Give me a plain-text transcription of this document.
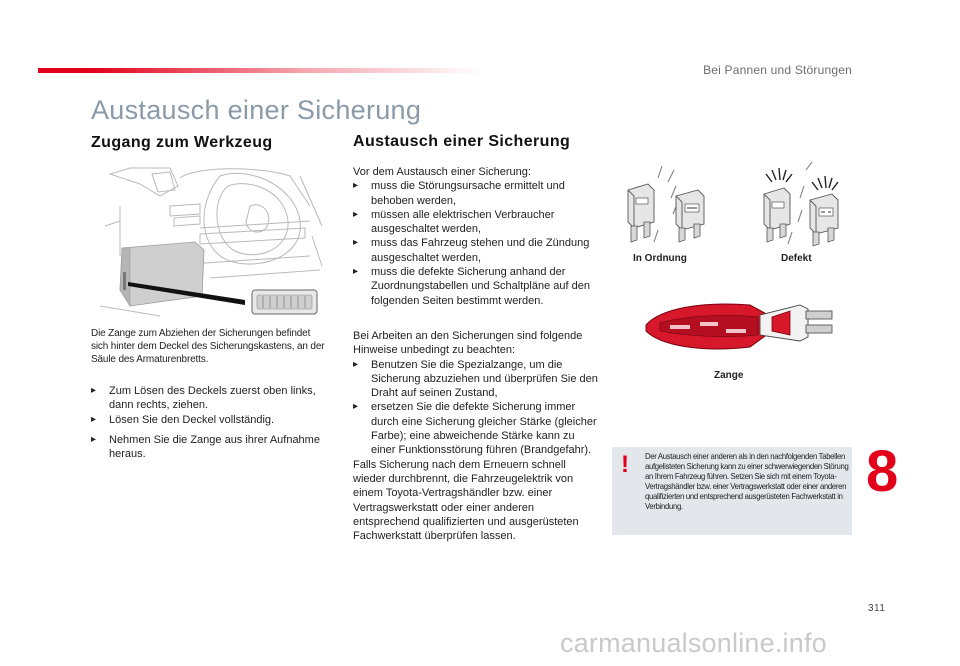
Bei Pannen und Störungen
Austausch einer Sicherung
Zugang zum Werkzeug	Austausch einer Sicherung

Die Zange zum Abziehen der Sicherungen befindet sich hinter dem Deckel des Sicherungskastens, an der Säule des Armaturenbretts.

▸ Zum Lösen des Deckels zuerst oben links, dann rechts, ziehen.
▸ Lösen Sie den Deckel vollständig.
▸ Nehmen Sie die Zange aus ihrer Aufnahme heraus.

Vor dem Austausch einer Sicherung:

▸ muss die Störungsursache ermittelt und behoben werden,
▸ müssen alle elektrischen Verbraucher ausgeschaltet werden,
▸ muss das Fahrzeug stehen und die Zündung ausgeschaltet werden,
▸ muss die defekte Sicherung anhand der Zuordnungstabellen und Schaltpläne auf den folgenden Seiten bestimmt werden.

Bei Arbeiten an den Sicherungen sind folgende Hinweise unbedingt zu beachten:

▸ Benutzen Sie die Spezialzange, um die Sicherung abzuziehen und überprüfen Sie den Draht auf seinen Zustand,
▸ ersetzen Sie die defekte Sicherung immer durch eine Sicherung gleicher Stärke (gleicher Farbe); eine abweichende Stärke kann zu einer Funktionsstörung führen (Brandgefahr).

Falls Sicherung nach dem Erneuern schnell wieder durchbrennt, die Fahrzeugelektrik von einem Toyota-Vertragshändler bzw. einer Vertragswerkstatt oder einer anderen entsprechend qualifizierten und ausgerüsteten Fachwerkstatt überprüfen lassen.

In Ordnung	Defekt
Zange
! Der Austausch einer anderen als in den nachfolgenden Tabellen aufgelisteten Sicherung kann zu einer schwerwiegenden Störung an Ihrem Fahrzeug führen. Setzen Sie sich mit einem Toyota-Vertragshändler bzw. einer Vertragswerkstatt oder einer anderen qualifizierten und entsprechend ausgerüsteten Fachwerkstatt in Verbindung.

8
311
carmanualsonline.info
